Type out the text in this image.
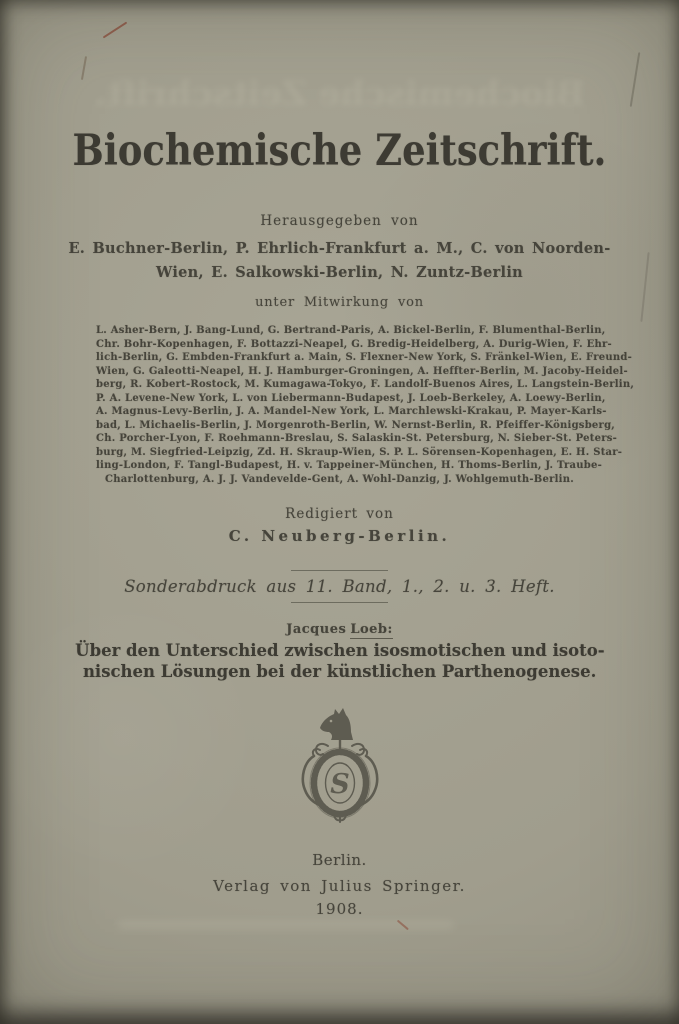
Biochemische Zeitschrift.
Biochemische Zeitschrift.
Herausgegeben von
E. Buchner-Berlin, P. Ehrlich-Frankfurt a. M., C. von Noorden-
Wien, E. Salkowski-Berlin, N. Zuntz-Berlin
unter Mitwirkung von
L. Asher-Bern, J. Bang-Lund, G. Bertrand-Paris, A. Bickel-Berlin, F. Blumenthal-Berlin,
Chr. Bohr-Kopenhagen, F. Bottazzi-Neapel, G. Bredig-Heidelberg, A. Durig-Wien, F. Ehr-
lich-Berlin, G. Embden-Frankfurt a. Main, S. Flexner-New York, S. Fränkel-Wien, E. Freund-
Wien, G. Galeotti-Neapel, H. J. Hamburger-Groningen, A. Heffter-Berlin, M. Jacoby-Heidel-
berg, R. Kobert-Rostock, M. Kumagawa-Tokyo, F. Landolf-Buenos Aires, L. Langstein-Berlin,
P. A. Levene-New York, L. von Liebermann-Budapest, J. Loeb-Berkeley, A. Loewy-Berlin,
A. Magnus-Levy-Berlin, J. A. Mandel-New York, L. Marchlewski-Krakau, P. Mayer-Karls-
bad, L. Michaelis-Berlin, J. Morgenroth-Berlin, W. Nernst-Berlin, R. Pfeiffer-Königsberg,
Ch. Porcher-Lyon, F. Roehmann-Breslau, S. Salaskin-St. Petersburg, N. Sieber-St. Peters-
burg, M. Siegfried-Leipzig, Zd. H. Skraup-Wien, S. P. L. Sörensen-Kopenhagen, E. H. Star-
ling-London, F. Tangl-Budapest, H. v. Tappeiner-München, H. Thoms-Berlin, J. Traube-
Charlottenburg, A. J. J. Vandevelde-Gent, A. Wohl-Danzig, J. Wohlgemuth-Berlin.
Redigiert von
C. Neuberg-Berlin.
Sonderabdruck aus 11. Band, 1., 2. u. 3. Heft.
Jacques Loeb:
Über den Unterschied zwischen isosmotischen und isoto-
nischen Lösungen bei der künstlichen Parthenogenese.
S
Berlin.
Verlag von Julius Springer.
1908.
